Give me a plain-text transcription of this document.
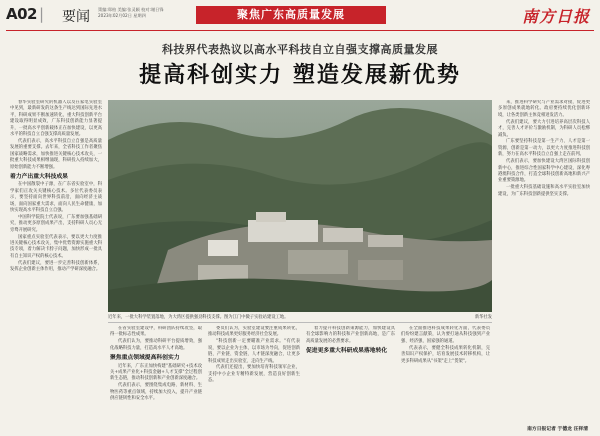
A02 | 要闻 策编:郑柏 美编:张灵颖 校对:谢日锋
2023年02月02日 星期四	聚焦广东高质量发展	南方日报
科技界代表热议以高水平科技自立自强支撑高质量发展
提高科创实力 塑造发展新优势

春华实验室研究的机器人以及在家电实验室中见到，最新研发的这条生产线达到国际先进水平，科研成果不断加速转化，重大科技创新平台建设取得明显成效，广东科技创新能力显著提升，一批高水平创新载体正在加快建设，以更高水平的科技自立自强支撑高质量发展。

代表们表示，高水平科技自立自强是高质量发展的重要支撑。去年来，全省科技工作者聚焦国家战略需求，加快推进关键核心技术攻关，一批重大科技成果相继涌现，科研投入持续加大，原始创新能力不断增强。

着力产出重大科技成果

在中国散裂中子源，在广东省实验室中，科学家们正攻关关键核心技术。多位代表委员表示，要坚持面向世界科技前沿，面向经济主战场，面向国家重大需求，面向人民生命健康，加快实现高水平科技自立自强。

中国科学院院士代表说，广东要加强基础研究，推动更多原创成果产出，支持科研人员心无旁骛开展研究。

国家重点实验室代表表示，要以更大力度推进关键核心技术攻关，集中优势资源实施重大科技专项，着力解决卡脖子问题，加快形成一批具有自主知识产权的核心技术。

代表们建议，要进一步完善科技创新体系，发挥企业创新主体作用，推动产学研深度融合。

近年来，一批大科学装置落地，为大湾区提供强劲科技支撑。图为江门中微子实验站建设工地。	新华社发

在省实验室建设中，科研团队持续攻坚，取得一批标志性成果。

代表们认为，要推动科研平台提质增效，强化战略科技力量，打造高水平人才高地。

聚焦重点领域提高科创实力

近年来，广东正加快构建"基础研究+技术攻关+成果产业化+科技金融+人才支撑"全过程创新生态链，推动科技创新和产业创新深度融合。

代表们表示，要围绕集成电路、新材料、生物医药等重点领域，持续加大投入，提升产业链供应链韧性和安全水平。

委员们认为，实验室建设要注重成果转化，推动科技成果更好服务经济社会发展。

"科技创新一定要瞄准产业需求。"有代表说，要以企业为主体，以市场为导向，促进创新链、产业链、资金链、人才链深度融合，让更多科技成果走出实验室、走向生产线。

代表们还提出，要加快培育科技领军企业，支持中小企业专精特新发展，营造良好创新生态。

着力提升科技创新策源能力，加快建设具有全球影响力的科技和产业创新高地，是广东高质量发展的必然要求。

促进更多重大科研成果落地转化

在全面推进科技成果转化方面，代表委员们纷纷建言献策，认为要打通从科技强到产业强、经济强、国家强的通道。

代表表示，要健全科技成果转化机制，完善知识产权保护，培育发展技术转移机构，让更多科研成果从"书架"走上"货架"。

来，推进科学研究与产业需求对接，促进更多原创成果就地转化。政府要持续优化创新环境，让各类创新主体竞相迸发活力。

代表们建议，要大力引进培养高层次科技人才，完善人才评价与激励机制，为科研人员松绑减负。

广东要坚持科技是第一生产力、人才是第一资源、创新是第一动力，以更大力度推进科技创新，努力在高水平科技自立自强上走在前列。

代表们表示，要加快建设大湾区国际科技创新中心，推进综合性国家科学中心建设，深化粤港澳科技合作，打造全球科技创新高地和新兴产业重要策源地。

一批重大科技基础设施和高水平实验室加快建设，为广东科技创新提供坚实支撑。

南方日报记者 于德龙 汪祥清
